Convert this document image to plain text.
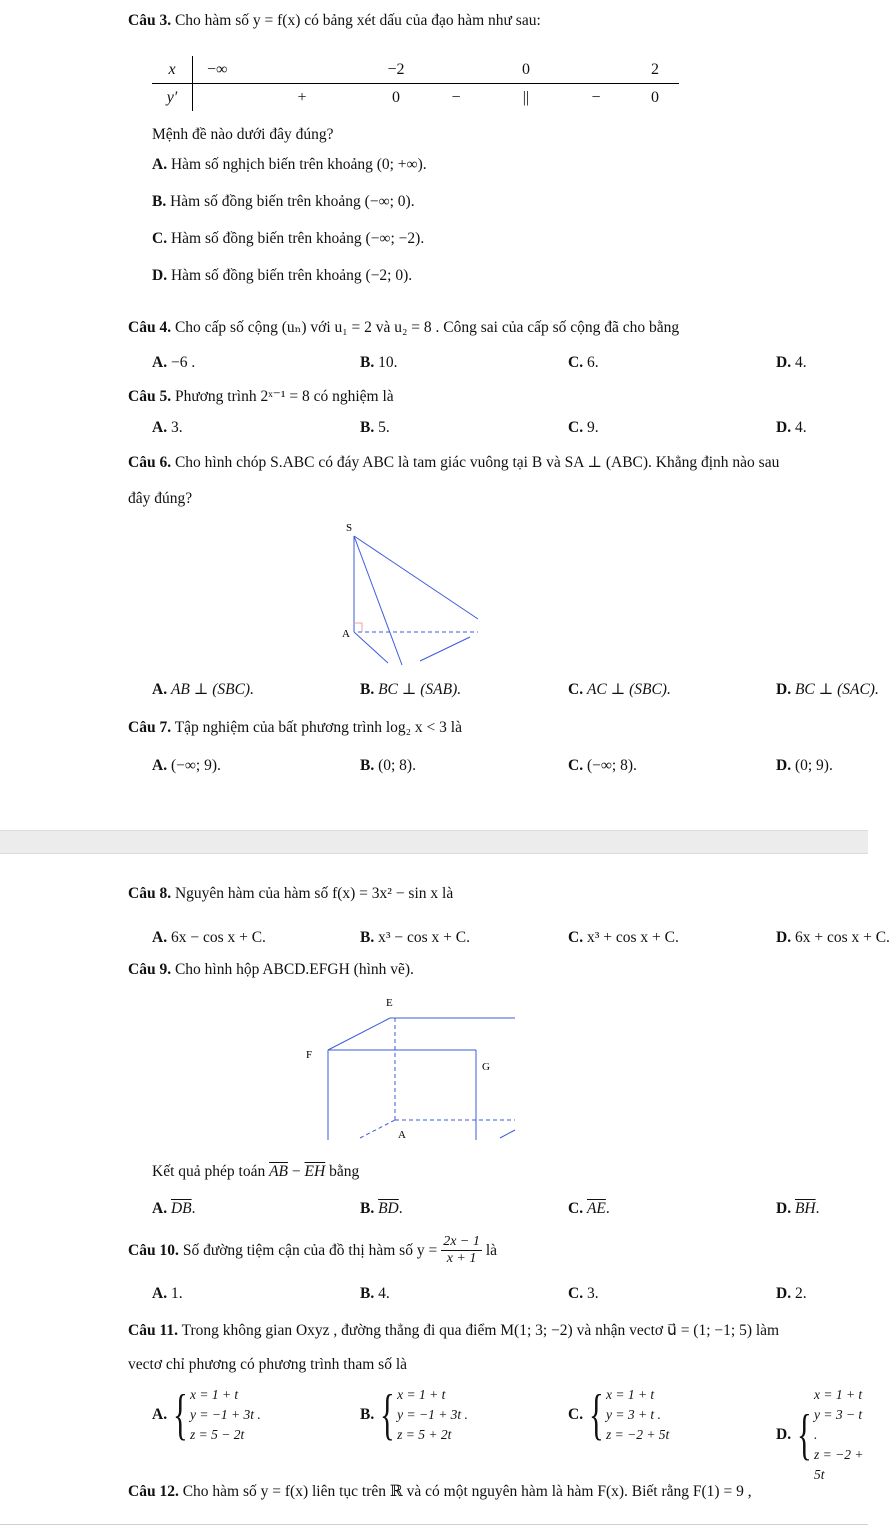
Câu 3. Cho hàm số y = f(x) có bảng xét dấu của đạo hàm như sau:
x	−∞		−2		0		2
y′	+		0	−	||	−	0
Mệnh đề nào dưới đây đúng?
A. Hàm số nghịch biến trên khoảng (0; +∞).
B. Hàm số đồng biến trên khoảng (−∞; 0).
C. Hàm số đồng biến trên khoảng (−∞; −2).
D. Hàm số đồng biến trên khoảng (−2; 0).
Câu 4. Cho cấp số cộng (uₙ) với u₁ = 2 và u₂ = 8 . Công sai của cấp số cộng đã cho bằng
A. −6 .	B. 10.	C. 6.	D. 4.
Câu 5. Phương trình 2ˣ⁻¹ = 8 có nghiệm là
A. 3.	B. 5.	C. 9.	D. 4.
Câu 6. Cho hình chóp S.ABC có đáy ABC là tam giác vuông tại B và SA ⊥ (ABC). Khẳng định nào sau
đây đúng?
S
A
A. AB ⊥ (SBC).	B. BC ⊥ (SAB).	C. AC ⊥ (SBC).	D. BC ⊥ (SAC).
Câu 7. Tập nghiệm của bất phương trình log₂ x < 3 là
A. (−∞; 9).	B. (0; 8).	C. (−∞; 8).	D. (0; 9).
Câu 8. Nguyên hàm của hàm số f(x) = 3x² − sin x là
A. 6x − cos x + C.	B. x³ − cos x + C.	C. x³ + cos x + C.	D. 6x + cos x + C.
Câu 9. Cho hình hộp ABCD.EFGH (hình vẽ).
E
F
G
A
Kết quả phép toán $\overline{AB} - \overline{EH}$ bằng
A. $\overline{DB}$.	B. $\overline{BD}$.	C. $\overline{AE}$.	D. $\overline{BH}$.
Câu 10. Số đường tiệm cận của đồ thị hàm số $y = \frac{2x - 1}{x + 1}$ là
A. 1.	B. 4.	C. 3.	D. 2.
Câu 11. Trong không gian Oxyz , đường thẳng đi qua điểm M(1; 3; −2) và nhận vectơ u⃗ = (1; −1; 5) làm
vectơ chỉ phương có phương trình tham số là
A. { x = 1 + t
y = −1 + 3t .
z = 5 − 2t
B. { x = 1 + t
y = −1 + 3t .
z = 5 + 2t
C. { x = 1 + t
y = 3 + t .
z = −2 + 5t	D. {
x = 1 + t
y = 3 − t .
z = −2 + 5t
Câu 12. Cho hàm số y = f(x) liên tục trên ℝ và có một nguyên hàm là hàm F(x). Biết rằng F(1) = 9 ,
